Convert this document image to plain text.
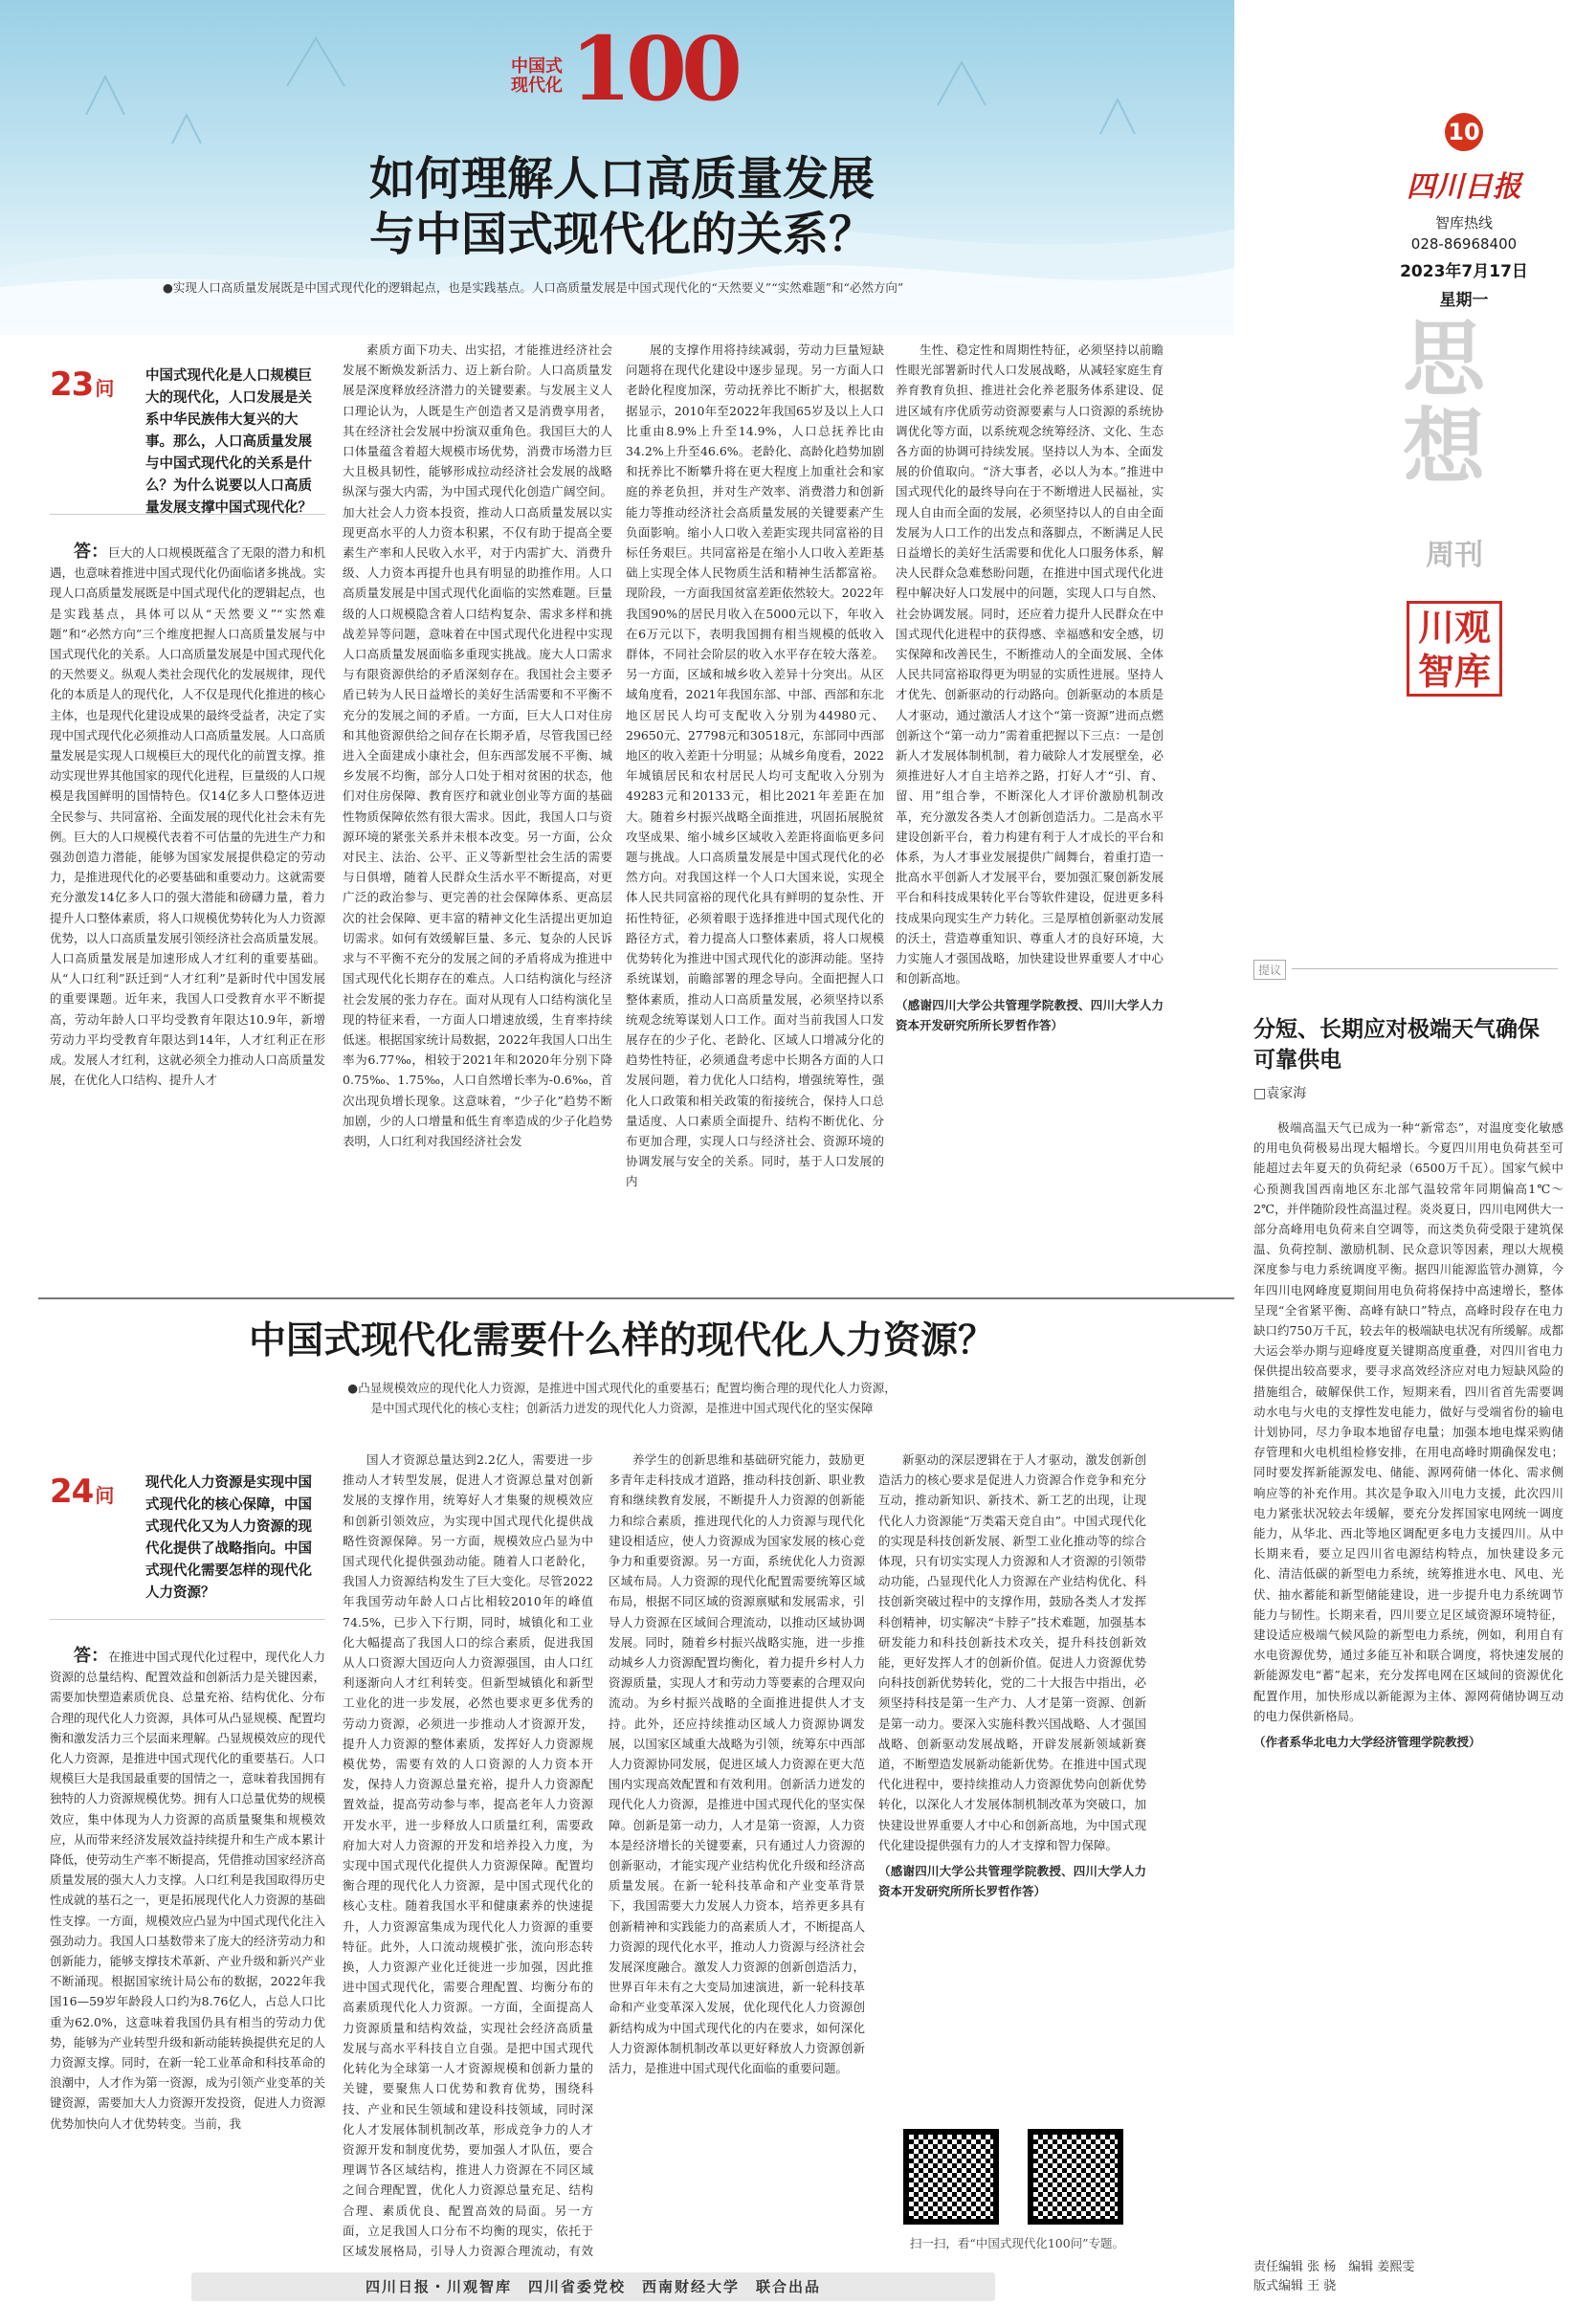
中国式现代化 100
10
四川日报
智库热线
028-86968400
2023年7月17日
星期一
思想
周刊
川观智库
如何理解人口高质量发展
与中国式现代化的关系？
●实现人口高质量发展既是中国式现代化的逻辑起点，也是实践基点。人口高质量发展是中国式现代化的“天然要义”“实然难题”和“必然方向”
23 问
中国式现代化是人口规模巨大的现代化，人口发展是关系中华民族伟大复兴的大事。那么，人口高质量发展与中国式现代化的关系是什么？为什么说要以人口高质量发展支撑中国式现代化？

答：巨大的人口规模既蕴含了无限的潜力和机遇，也意味着推进中国式现代化仍面临诸多挑战。实现人口高质量发展既是中国式现代化的逻辑起点，也是实践基点，具体可以从“天然要义”“实然难题”和“必然方向”三个维度把握人口高质量发展与中国式现代化的关系。人口高质量发展是中国式现代化的天然要义。纵观人类社会现代化的发展规律，现代化的本质是人的现代化，人不仅是现代化推进的核心主体，也是现代化建设成果的最终受益者，决定了实现中国式现代化必须推动人口高质量发展。人口高质量发展是实现人口规模巨大的现代化的前置支撑。推动实现世界其他国家的现代化进程，巨量级的人口规模是我国鲜明的国情特色。仅14亿多人口整体迈进全民参与、共同富裕、全面发展的现代化社会未有先例。巨大的人口规模代表着不可估量的先进生产力和强劲创造力潜能，能够为国家发展提供稳定的劳动力，是推进现代化的必要基础和重要动力。这就需要充分激发14亿多人口的强大潜能和磅礴力量，着力提升人口整体素质，将人口规模优势转化为人力资源优势，以人口高质量发展引领经济社会高质量发展。人口高质量发展是加速形成人才红利的重要基础。从“人口红利”跃迁到“人才红利”是新时代中国发展的重要课题。近年来，我国人口受教育水平不断提高，劳动年龄人口平均受教育年限达10.9年，新增劳动力平均受教育年限达到14年，人才红利正在形成。发展人才红利，这就必须全力推动人口高质量发展，在优化人口结构、提升人才

素质方面下功夫、出实招，才能推进经济社会发展不断焕发新活力、迈上新台阶。人口高质量发展是深度释放经济潜力的关键要素。与发展主义人口理论认为，人既是生产创造者又是消费享用者，其在经济社会发展中扮演双重角色。我国巨大的人口体量蕴含着超大规模市场优势，消费市场潜力巨大且极具韧性，能够形成拉动经济社会发展的战略纵深与强大内需，为中国式现代化创造广阔空间。加大社会人力资本投资，推动人口高质量发展以实现更高水平的人力资本积累，不仅有助于提高全要素生产率和人民收入水平，对于内需扩大、消费升级、人力资本再提升也具有明显的助推作用。人口高质量发展是中国式现代化面临的实然难题。巨量级的人口规模隐含着人口结构复杂、需求多样和挑战差异等问题，意味着在中国式现代化进程中实现人口高质量发展面临多重现实挑战。庞大人口需求与有限资源供给的矛盾深刻存在。我国社会主要矛盾已转为人民日益增长的美好生活需要和不平衡不充分的发展之间的矛盾。一方面，巨大人口对住房和其他资源供给之间存在长期矛盾，尽管我国已经进入全面建成小康社会，但东西部发展不平衡、城乡发展不均衡，部分人口处于相对贫困的状态，他们对住房保障、教育医疗和就业创业等方面的基础性物质保障依然有很大需求。因此，我国人口与资源环境的紧张关系并未根本改变。另一方面，公众对民主、法治、公平、正义等新型社会生活的需要与日俱增，随着人民群众生活水平不断提高，对更广泛的政治参与、更完善的社会保障体系、更高层次的社会保障、更丰富的精神文化生活提出更加迫切需求。如何有效缓解巨量、多元、复杂的人民诉求与不平衡不充分的发展之间的矛盾将成为推进中国式现代化长期存在的难点。人口结构演化与经济社会发展的张力存在。面对从现有人口结构演化呈现的特征来看，一方面人口增速放缓，生育率持续低迷。根据国家统计局数据，2022年我国人口出生率为6.77‰，相较于2021年和2020年分别下降0.75‰、1.75‰，人口自然增长率为-0.6‰，首次出现负增长现象。这意味着，“少子化”趋势不断加剧，少的人口增量和低生育率造成的少子化趋势表明，人口红利对我国经济社会发

展的支撑作用将持续减弱，劳动力巨量短缺问题将在现代化建设中逐步显现。另一方面人口老龄化程度加深，劳动抚养比不断扩大，根据数据显示，2010年至2022年我国65岁及以上人口比重由8.9%上升至14.9%，人口总抚养比由34.2%上升至46.6%。老龄化、高龄化趋势加剧和抚养比不断攀升将在更大程度上加重社会和家庭的养老负担，并对生产效率、消费潜力和创新能力等推动经济社会高质量发展的关键要素产生负面影响。缩小人口收入差距实现共同富裕的目标任务艰巨。共同富裕是在缩小人口收入差距基础上实现全体人民物质生活和精神生活都富裕。现阶段，一方面我国贫富差距依然较大。2022年我国90%的居民月收入在5000元以下，年收入在6万元以下，表明我国拥有相当规模的低收入群体，不同社会阶层的收入水平存在较大落差。另一方面，区域和城乡收入差异十分突出。从区域角度看，2021年我国东部、中部、西部和东北地区居民人均可支配收入分别为44980元、29650元、27798元和30518元，东部同中西部地区的收入差距十分明显；从城乡角度看，2022年城镇居民和农村居民人均可支配收入分别为49283元和20133元，相比2021年差距在加大。随着乡村振兴战略全面推进，巩固拓展脱贫攻坚成果、缩小城乡区域收入差距将面临更多问题与挑战。人口高质量发展是中国式现代化的必然方向。对我国这样一个人口大国来说，实现全体人民共同富裕的现代化具有鲜明的复杂性、开拓性特征，必须着眼于选择推进中国式现代化的路径方式，着力提高人口整体素质，将人口规模优势转化为推进中国式现代化的澎湃动能。坚持系统谋划，前瞻部署的理念导向。全面把握人口整体素质，推动人口高质量发展，必须坚持以系统观念统筹谋划人口工作。面对当前我国人口发展存在的少子化、老龄化、区域人口增减分化的趋势性特征，必须通盘考虑中长期各方面的人口发展问题，着力优化人口结构，增强统筹性，强化人口政策和相关政策的衔接统合，保持人口总量适度、人口素质全面提升、结构不断优化、分布更加合理，实现人口与经济社会、资源环境的协调发展与安全的关系。同时，基于人口发展的内

生性、稳定性和周期性特征，必须坚持以前瞻性眼光部署新时代人口发展战略，从减轻家庭生育养育教育负担、推进社会化养老服务体系建设、促进区域有序优质劳动资源要素与人口资源的系统协调优化等方面，以系统观念统筹经济、文化、生态各方面的协调可持续发展。坚持以人为本、全面发展的价值取向。“济大事者，必以人为本。”推进中国式现代化的最终导向在于不断增进人民福祉，实现人自由而全面的发展，必须坚持以人的自由全面发展为人口工作的出发点和落脚点，不断满足人民日益增长的美好生活需要和优化人口服务体系，解决人民群众急难愁盼问题，在推进中国式现代化进程中解决好人口发展中的问题，实现人口与自然、社会协调发展。同时，还应着力提升人民群众在中国式现代化进程中的获得感、幸福感和安全感，切实保障和改善民生，不断推动人的全面发展、全体人民共同富裕取得更为明显的实质性进展。坚持人才优先、创新驱动的行动路向。创新驱动的本质是人才驱动，通过激活人才这个“第一资源”进而点燃创新这个“第一动力”需着重把握以下三点：一是创新人才发展体制机制，着力破除人才发展壁垒，必须推进好人才自主培养之路，打好人才“引、育、留、用”组合拳，不断深化人才评价激励机制改革，充分激发各类人才创新创造活力。二是高水平建设创新平台，着力构建有利于人才成长的平台和体系，为人才事业发展提供广阔舞台，着重打造一批高水平创新人才发展平台，要加强汇聚创新发展平台和科技成果转化平台等软件建设，促进更多科技成果向现实生产力转化。三是厚植创新驱动发展的沃土，营造尊重知识、尊重人才的良好环境，大力实施人才强国战略，加快建设世界重要人才中心和创新高地。

（感谢四川大学公共管理学院教授、四川大学人力资本开发研究所所长罗哲作答）

中国式现代化需要什么样的现代化人力资源？
●凸显规模效应的现代化人力资源，是推进中国式现代化的重要基石；配置均衡合理的现代化人力资源，
是中国式现代化的核心支柱；创新活力迸发的现代化人力资源，是推进中国式现代化的坚实保障
24 问
现代化人力资源是实现中国式现代化的核心保障，中国式现代化又为人力资源的现代化提供了战略指向。中国式现代化需要怎样的现代化人力资源？

答：在推进中国式现代化过程中，现代化人力资源的总量结构、配置效益和创新活力是关键因素，需要加快塑造素质优良、总量充裕、结构优化、分布合理的现代化人力资源，具体可从凸显规模、配置均衡和激发活力三个层面来理解。凸显规模效应的现代化人力资源，是推进中国式现代化的重要基石。人口规模巨大是我国最重要的国情之一，意味着我国拥有独特的人力资源规模优势。拥有人口总量优势的规模效应，集中体现为人力资源的高质量聚集和规模效应，从而带来经济发展效益持续提升和生产成本累计降低，使劳动生产率不断提高，凭借推动国家经济高质量发展的强大人力支撑。人口红利是我国取得历史性成就的基石之一，更是拓展现代化人力资源的基础性支撑。一方面，规模效应凸显为中国式现代化注入强劲动力。我国人口基数带来了庞大的经济劳动力和创新能力，能够支撑技术革新、产业升级和新兴产业不断涌现。根据国家统计局公布的数据，2022年我国16—59岁年龄段人口约为8.76亿人，占总人口比重为62.0%，这意味着我国仍具有相当的劳动力优势，能够为产业转型升级和新动能转换提供充足的人力资源支撑。同时，在新一轮工业革命和科技革命的浪潮中，人才作为第一资源，成为引领产业变革的关键资源，需要加大人力资源开发投资，促进人力资源优势加快向人才优势转变。当前，我

国人才资源总量达到2.2亿人，需要进一步推动人才转型发展，促进人才资源总量对创新发展的支撑作用，统筹好人才集聚的规模效应和创新引领效应，为实现中国式现代化提供战略性资源保障。另一方面，规模效应凸显为中国式现代化提供强劲动能。随着人口老龄化，我国人力资源结构发生了巨大变化。尽管2022年我国劳动年龄人口占比相较2010年的峰值74.5%，已步入下行期，同时，城镇化和工业化大幅提高了我国人口的综合素质，促进我国从人口资源大国迈向人力资源强国，由人口红利逐渐向人才红利转变。但新型城镇化和新型工业化的进一步发展，必然也要求更多优秀的劳动力资源，必须进一步推动人才资源开发，提升人力资源的整体素质，发挥好人力资源规模优势，需要有效的人口资源的人力资本开发，保持人力资源总量充裕，提升人力资源配置效益，提高劳动参与率，提高老年人力资源开发水平，进一步释放人口质量红利，需要政府加大对人力资源的开发和培养投入力度，为实现中国式现代化提供人力资源保障。配置均衡合理的现代化人力资源，是中国式现代化的核心支柱。随着我国水平和健康素养的快速提升，人力资源富集成为现代化人力资源的重要特征。此外，人口流动规模扩张，流向形态转换，人力资源产业化迁徙进一步加强，因此推进中国式现代化，需要合理配置、均衡分布的高素质现代化人力资源。一方面，全面提高人力资源质量和结构效益，实现社会经济高质量发展与高水平科技自立自强。是把中国式现代化转化为全球第一人才资源规模和创新力量的关键，要聚焦人口优势和教育优势，围绕科技、产业和民生领域和建设科技领域，同时深化人才发展体制机制改革，形成竞争力的人才资源开发和制度优势，要加强人才队伍，要合理调节各区域结构，推进人力资源在不同区域之间合理配置，优化人力资源总量充足、结构合理、素质优良、配置高效的局面。另一方面，立足我国人口分布不均衡的现实，依托于区域发展格局，引导人力资源合理流动，有效

养学生的创新思维和基础研究能力，鼓励更多青年走科技成才道路，推动科技创新、职业教育和继续教育发展，不断提升人力资源的创新能力和综合素质，推进现代化的人力资源与现代化建设相适应，使人力资源成为国家发展的核心竞争力和重要资源。另一方面，系统优化人力资源区域布局。人力资源的现代化配置需要统筹区域布局，根据不同区域的资源禀赋和发展需求，引导人力资源在区域间合理流动，以推动区域协调发展。同时，随着乡村振兴战略实施，进一步推动城乡人力资源配置均衡化，着力提升乡村人力资源质量，实现人才和劳动力等要素的合理双向流动。为乡村振兴战略的全面推进提供人才支持。此外，还应持续推动区域人力资源协调发展，以国家区域重大战略为引领，统筹东中西部人力资源协同发展，促进区域人力资源在更大范围内实现高效配置和有效利用。创新活力迸发的现代化人力资源，是推进中国式现代化的坚实保障。创新是第一动力，人才是第一资源，人力资本是经济增长的关键要素，只有通过人力资源的创新驱动，才能实现产业结构优化升级和经济高质量发展。在新一轮科技革命和产业变革背景下，我国需要大力发展人力资本，培养更多具有创新精神和实践能力的高素质人才，不断提高人力资源的现代化水平，推动人力资源与经济社会发展深度融合。激发人力资源的创新创造活力，世界百年未有之大变局加速演进，新一轮科技革命和产业变革深入发展，优化现代化人力资源创新结构成为中国式现代化的内在要求，如何深化人力资源体制机制改革以更好释放人力资源创新活力，是推进中国式现代化面临的重要问题。

新驱动的深层逻辑在于人才驱动，激发创新创造活力的核心要求是促进人力资源合作竞争和充分互动，推动新知识、新技术、新工艺的出现，让现代化人力资源能“万类霜天竞自由”。中国式现代化的实现是科技创新发展、新型工业化推动等的综合体现，只有切实实现人力资源和人才资源的引领带动功能，凸显现代化人力资源在产业结构优化、科技创新突破过程中的支撑作用，鼓励各类人才发挥科创精神，切实解决“卡脖子”技术难题，加强基本研发能力和科技创新技术攻关，提升科技创新效能，更好发挥人才的创新价值。促进人力资源优势向科技创新优势转化，党的二十大报告中指出，必须坚持科技是第一生产力、人才是第一资源、创新是第一动力。要深入实施科教兴国战略、人才强国战略、创新驱动发展战略，开辟发展新领域新赛道，不断塑造发展新动能新优势。在推进中国式现代化进程中，要持续推动人力资源优势向创新优势转化，以深化人才发展体制机制改革为突破口，加快建设世界重要人才中心和创新高地，为中国式现代化建设提供强有力的人才支撑和智力保障。

（感谢四川大学公共管理学院教授、四川大学人力资本开发研究所所长罗哲作答）

扫一扫，看“中国式现代化100问”专题。
提议
分短、长期应对极端天气确保可靠供电
□袁家海

极端高温天气已成为一种“新常态”，对温度变化敏感的用电负荷极易出现大幅增长。今夏四川用电负荷甚至可能超过去年夏天的负荷纪录（6500万千瓦）。国家气候中心预测我国西南地区东北部气温较常年同期偏高1℃～2℃，并伴随阶段性高温过程。炎炎夏日，四川电网供大一部分高峰用电负荷来自空调等，而这类负荷受限于建筑保温、负荷控制、激励机制、民众意识等因素，理以大规模深度参与电力系统调度平衡。据四川能源监管办测算，今年四川电网峰度夏期间用电负荷将保持中高速增长，整体呈现“全省紧平衡、高峰有缺口”特点，高峰时段存在电力缺口约750万千瓦，较去年的极端缺电状况有所缓解。成都大运会举办期与迎峰度夏关键期高度重叠，对四川省电力保供提出较高要求，要寻求高效经济应对电力短缺风险的措施组合，破解保供工作，短期来看，四川省首先需要调动水电与火电的支撑性发电能力，做好与受端省份的输电计划协同，尽力争取本地留存电量；加强本地电煤采购储存管理和火电机组检修安排，在用电高峰时期确保发电；同时要发挥新能源发电、储能、源网荷储一体化、需求侧响应等的补充作用。其次是争取入川电力支援，此次四川电力紧张状况较去年缓解，要充分发挥国家电网统一调度能力，从华北、西北等地区调配更多电力支援四川。从中长期来看，要立足四川省电源结构特点，加快建设多元化、清洁低碳的新型电力系统，统筹推进水电、风电、光伏、抽水蓄能和新型储能建设，进一步提升电力系统调节能力与韧性。长期来看，四川要立足区域资源环境特征，建设适应极端气候风险的新型电力系统，例如，利用自有水电资源优势，通过多能互补和联合调度，将快速发展的新能源发电“蓄”起来，充分发挥电网在区域间的资源优化配置作用，加快形成以新能源为主体、源网荷储协调互动的电力保供新格局。

（作者系华北电力大学经济管理学院教授）

四川日报・川观智库　四川省委党校　西南财经大学　联合出品
责任编辑 张 杨　编辑 姜熙雯
版式编辑 王 骁
